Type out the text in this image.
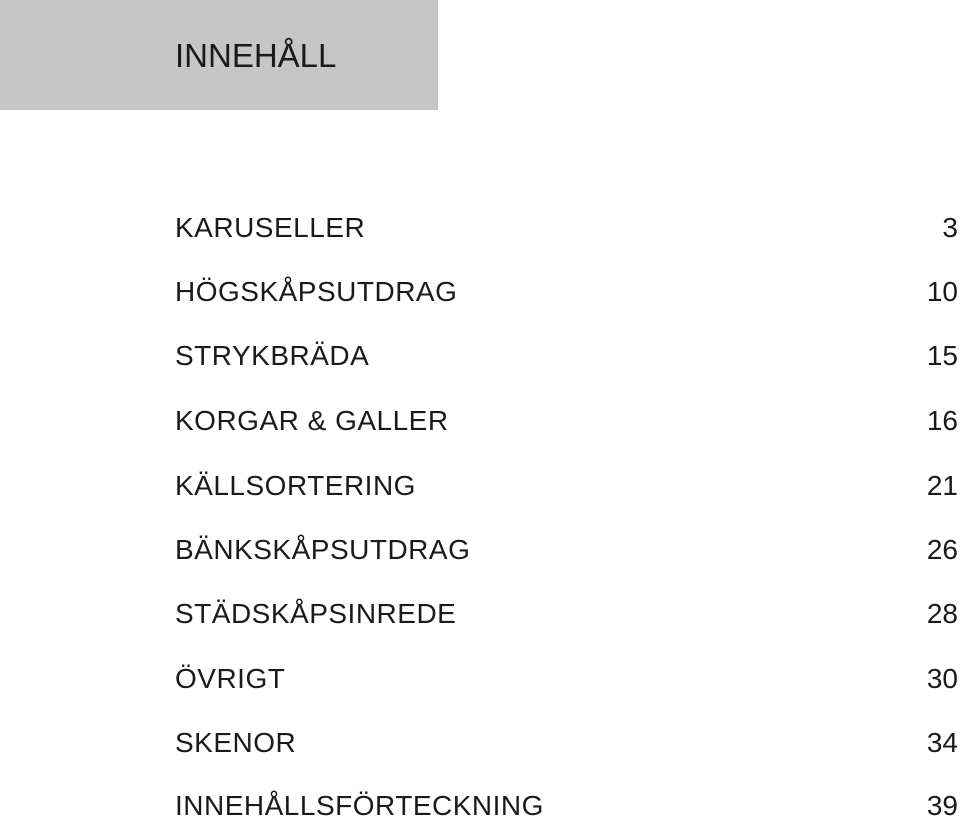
INNEHÅLL
KARUSELLER	3
HÖGSKÅPSUTDRAG	10
STRYKBRÄDA	15
KORGAR & GALLER	16
KÄLLSORTERING	21
BÄNKSKÅPSUTDRAG	26
STÄDSKÅPSINREDE	28
ÖVRIGT	30
SKENOR	34
INNEHÅLLSFÖRTECKNING	39
